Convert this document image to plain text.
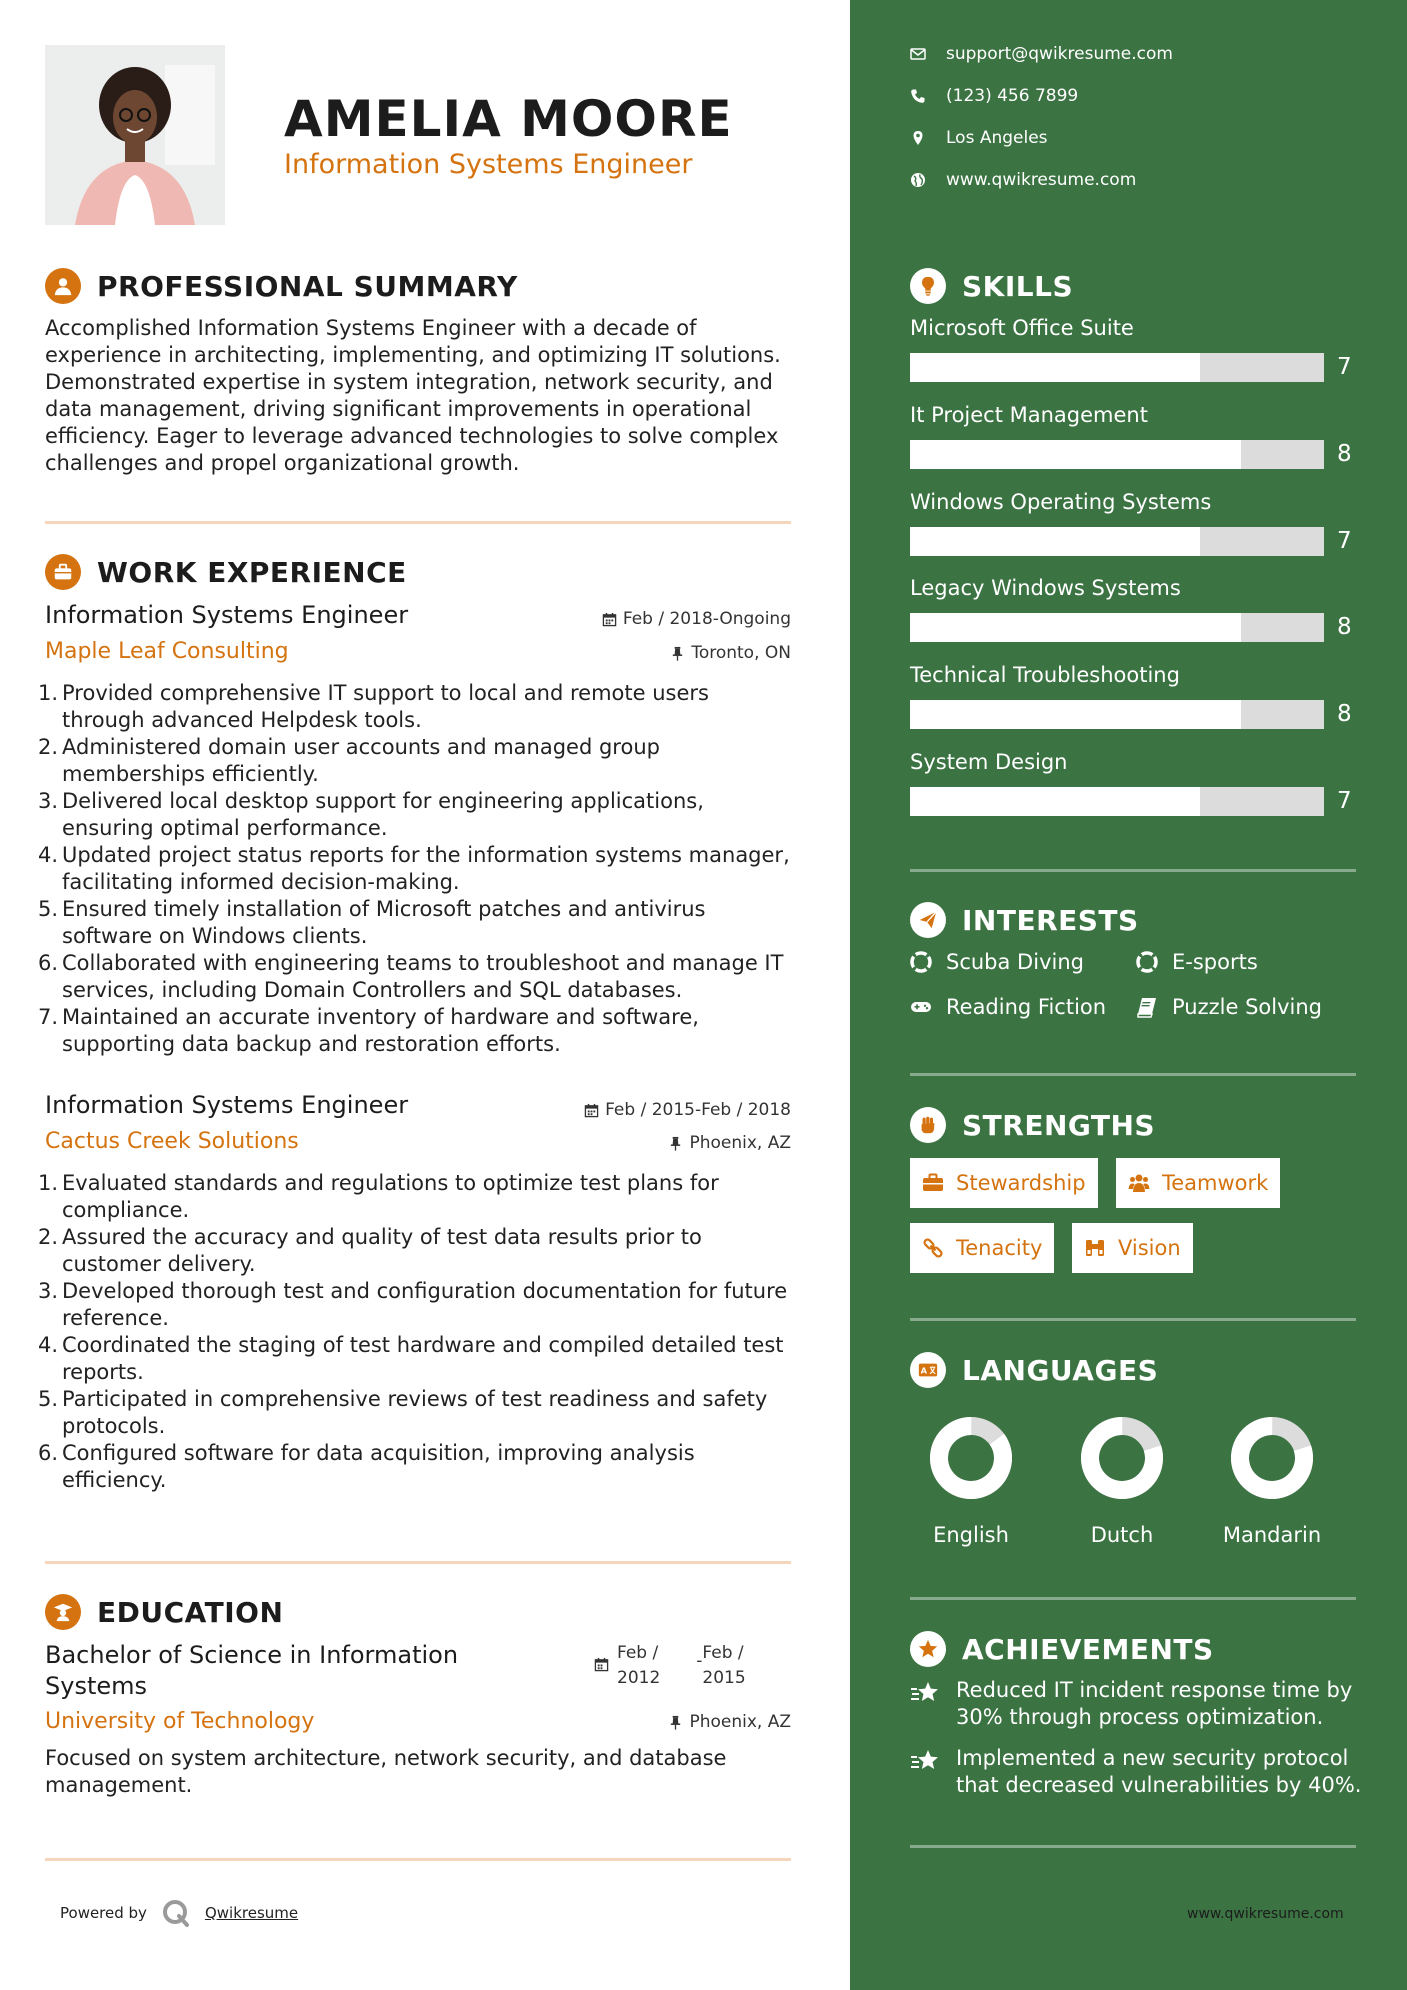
AMELIA MOORE
Information Systems Engineer
PROFESSIONAL SUMMARY
Accomplished Information Systems Engineer with a decade of
experience in architecting, implementing, and optimizing IT solutions.
Demonstrated expertise in system integration, network security, and
data management, driving significant improvements in operational
efficiency. Eager to leverage advanced technologies to solve complex
challenges and propel organizational growth.
WORK EXPERIENCE
Information Systems Engineer	Feb / 2018-Ongoing
Maple Leaf Consulting	Toronto, ON
1. Provided comprehensive IT support to local and remote users
through advanced Helpdesk tools.
2. Administered domain user accounts and managed group
memberships efficiently.
3. Delivered local desktop support for engineering applications,
ensuring optimal performance.
4. Updated project status reports for the information systems manager,
facilitating informed decision-making.
5. Ensured timely installation of Microsoft patches and antivirus
software on Windows clients.
6. Collaborated with engineering teams to troubleshoot and manage IT
services, including Domain Controllers and SQL databases.
7. Maintained an accurate inventory of hardware and software,
supporting data backup and restoration efforts.
Information Systems Engineer	Feb / 2015-Feb / 2018
Cactus Creek Solutions	Phoenix, AZ
1. Evaluated standards and regulations to optimize test plans for
compliance.
2. Assured the accuracy and quality of test data results prior to
customer delivery.
3. Developed thorough test and configuration documentation for future
reference.
4. Coordinated the staging of test hardware and compiled detailed test
reports.
5. Participated in comprehensive reviews of test readiness and safety
protocols.
6. Configured software for data acquisition, improving analysis
efficiency.
EDUCATION
Bachelor of Science in Information
Systems
Feb /
2012
- Feb /
2015
University of Technology	Phoenix, AZ
Focused on system architecture, network security, and database
management.
Powered by	Qwikresume
support@qwikresume.com
(123) 456 7899
Los Angeles
www.qwikresume.com
SKILLS
Microsoft Office Suite
7
It Project Management
8
Windows Operating Systems
7
Legacy Windows Systems
8
Technical Troubleshooting
8
System Design
7
INTERESTS
Scuba Diving	E-sports
Reading Fiction	Puzzle Solving
STRENGTHS
Stewardship	Teamwork
Tenacity	Vision
A LANGUAGES
English	Dutch	Mandarin
ACHIEVEMENTS
Reduced IT incident response time by
30% through process optimization.
Implemented a new security protocol
that decreased vulnerabilities by 40%.
www.qwikresume.com
